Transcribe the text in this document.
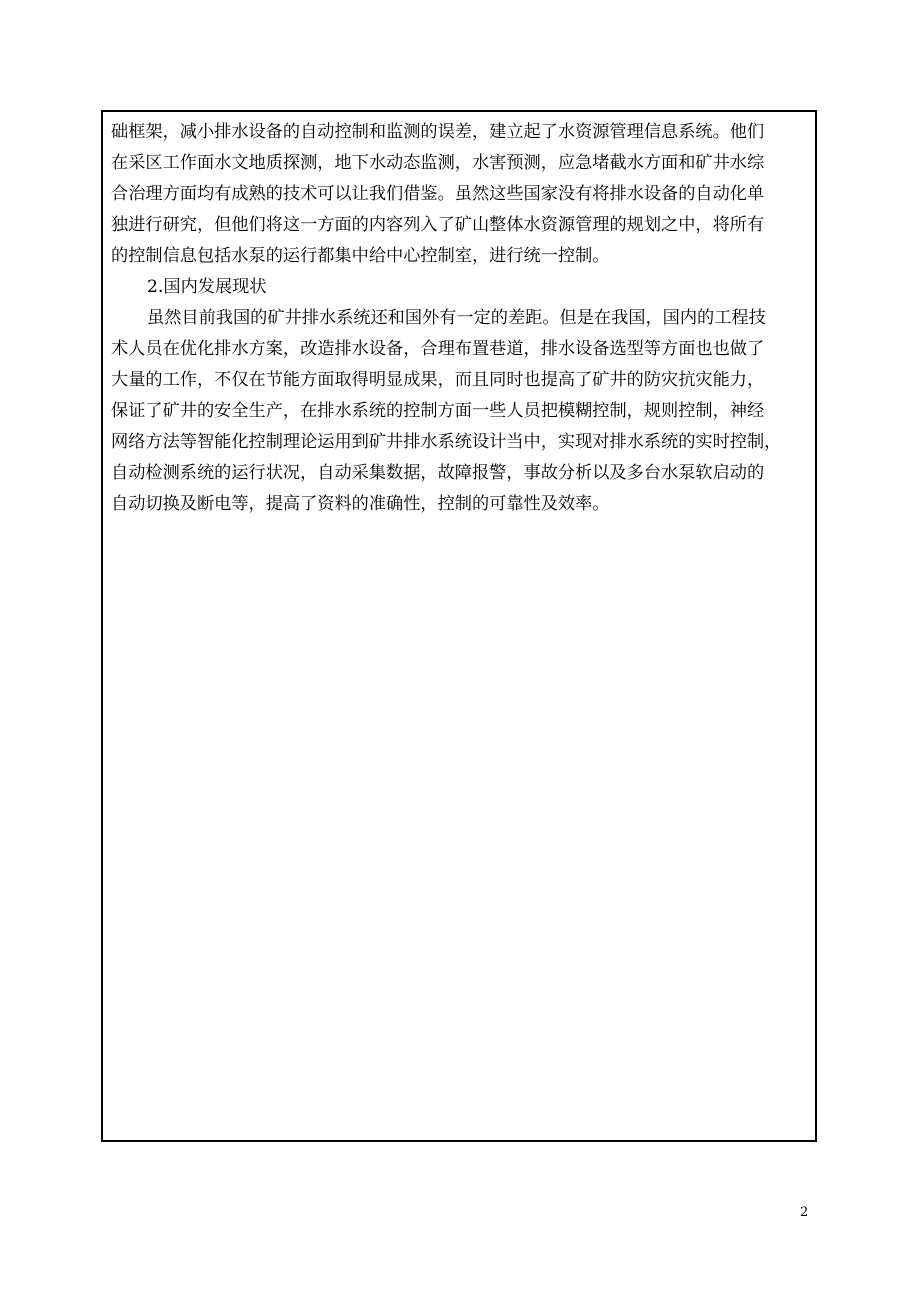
础框架，减小排水设备的自动控制和监测的误差，建立起了水资源管理信息系统。他们
在采区工作面水文地质探测，地下水动态监测，水害预测，应急堵截水方面和矿井水综
合治理方面均有成熟的技术可以让我们借鉴。虽然这些国家没有将排水设备的自动化单
独进行研究，但他们将这一方面的内容列入了矿山整体水资源管理的规划之中，将所有
的控制信息包括水泵的运行都集中给中心控制室，进行统一控制。
2.国内发展现状
虽然目前我国的矿井排水系统还和国外有一定的差距。但是在我国，国内的工程技
术人员在优化排水方案，改造排水设备，合理布置巷道，排水设备选型等方面也也做了
大量的工作，不仅在节能方面取得明显成果，而且同时也提高了矿井的防灾抗灾能力，
保证了矿井的安全生产，在排水系统的控制方面一些人员把模糊控制，规则控制，神经
网络方法等智能化控制理论运用到矿井排水系统设计当中，实现对排水系统的实时控制，
自动检测系统的运行状况，自动采集数据，故障报警，事故分析以及多台水泵软启动的
自动切换及断电等，提高了资料的准确性，控制的可靠性及效率。
2
